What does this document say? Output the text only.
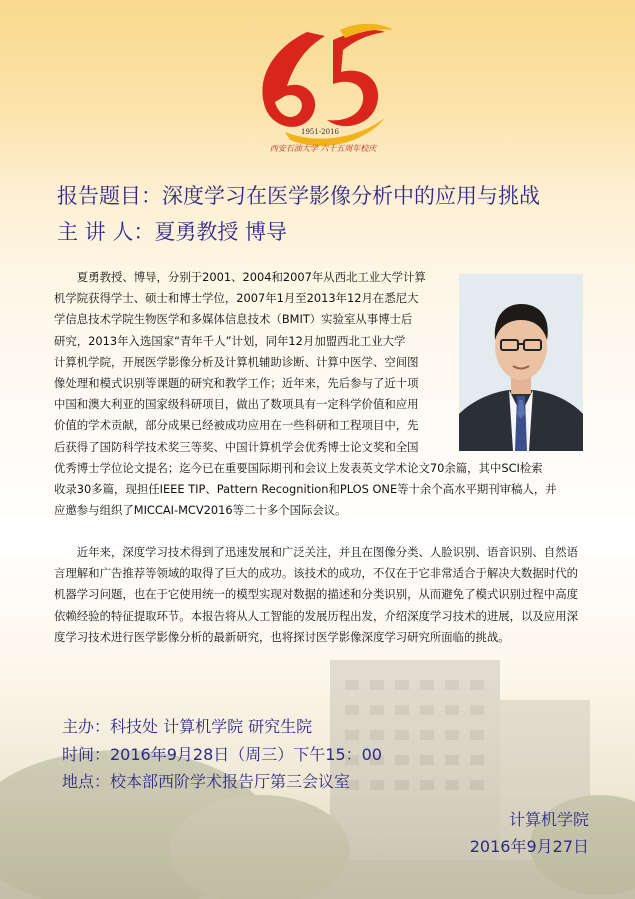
1951-2016
西安石油大学 六十五周年校庆
报告题目：深度学习在医学影像分析中的应用与挑战
主 讲 人：夏勇教授 博导

夏勇教授、博导，分别于2001、2004和2007年从西北工业大学计算

机学院获得学士、硕士和博士学位，2007年1月至2013年12月在悉尼大

学信息技术学院生物医学和多媒体信息技术（BMIT）实验室从事博士后

研究，2013年入选国家“青年千人”计划，同年12月加盟西北工业大学

计算机学院，开展医学影像分析及计算机辅助诊断、计算中医学、空间图

像处理和模式识别等课题的研究和教学工作；近年来，先后参与了近十项

中国和澳大利亚的国家级科研项目，做出了数项具有一定科学价值和应用

价值的学术贡献，部分成果已经被成功应用在一些科研和工程项目中，先

后获得了国防科学技术奖三等奖、中国计算机学会优秀博士论文奖和全国

优秀博士学位论文提名；迄今已在重要国际期刊和会议上发表英文学术论文70余篇，其中SCI检索

收录30多篇，现担任IEEE TIP、Pattern Recognition和PLOS ONE等十余个高水平期刊审稿人，并

应邀参与组织了MICCAI-MCV2016等二十多个国际会议。

近年来，深度学习技术得到了迅速发展和广泛关注，并且在图像分类、人脸识别、语音识别、自然语言理解和广告推荐等领域的取得了巨大的成功。该技术的成功，不仅在于它非常适合于解决大数据时代的机器学习问题，也在于它使用统一的模型实现对数据的描述和分类识别，从而避免了模式识别过程中高度依赖经验的特征提取环节。本报告将从人工智能的发展历程出发，介绍深度学习技术的进展，以及应用深度学习技术进行医学影像分析的最新研究，也将探讨医学影像深度学习研究所面临的挑战。

主办：科技处 计算机学院 研究生院
时间：2016年9月28日（周三）下午15：00
地点：校本部西阶学术报告厅第三会议室
计算机学院
2016年9月27日
